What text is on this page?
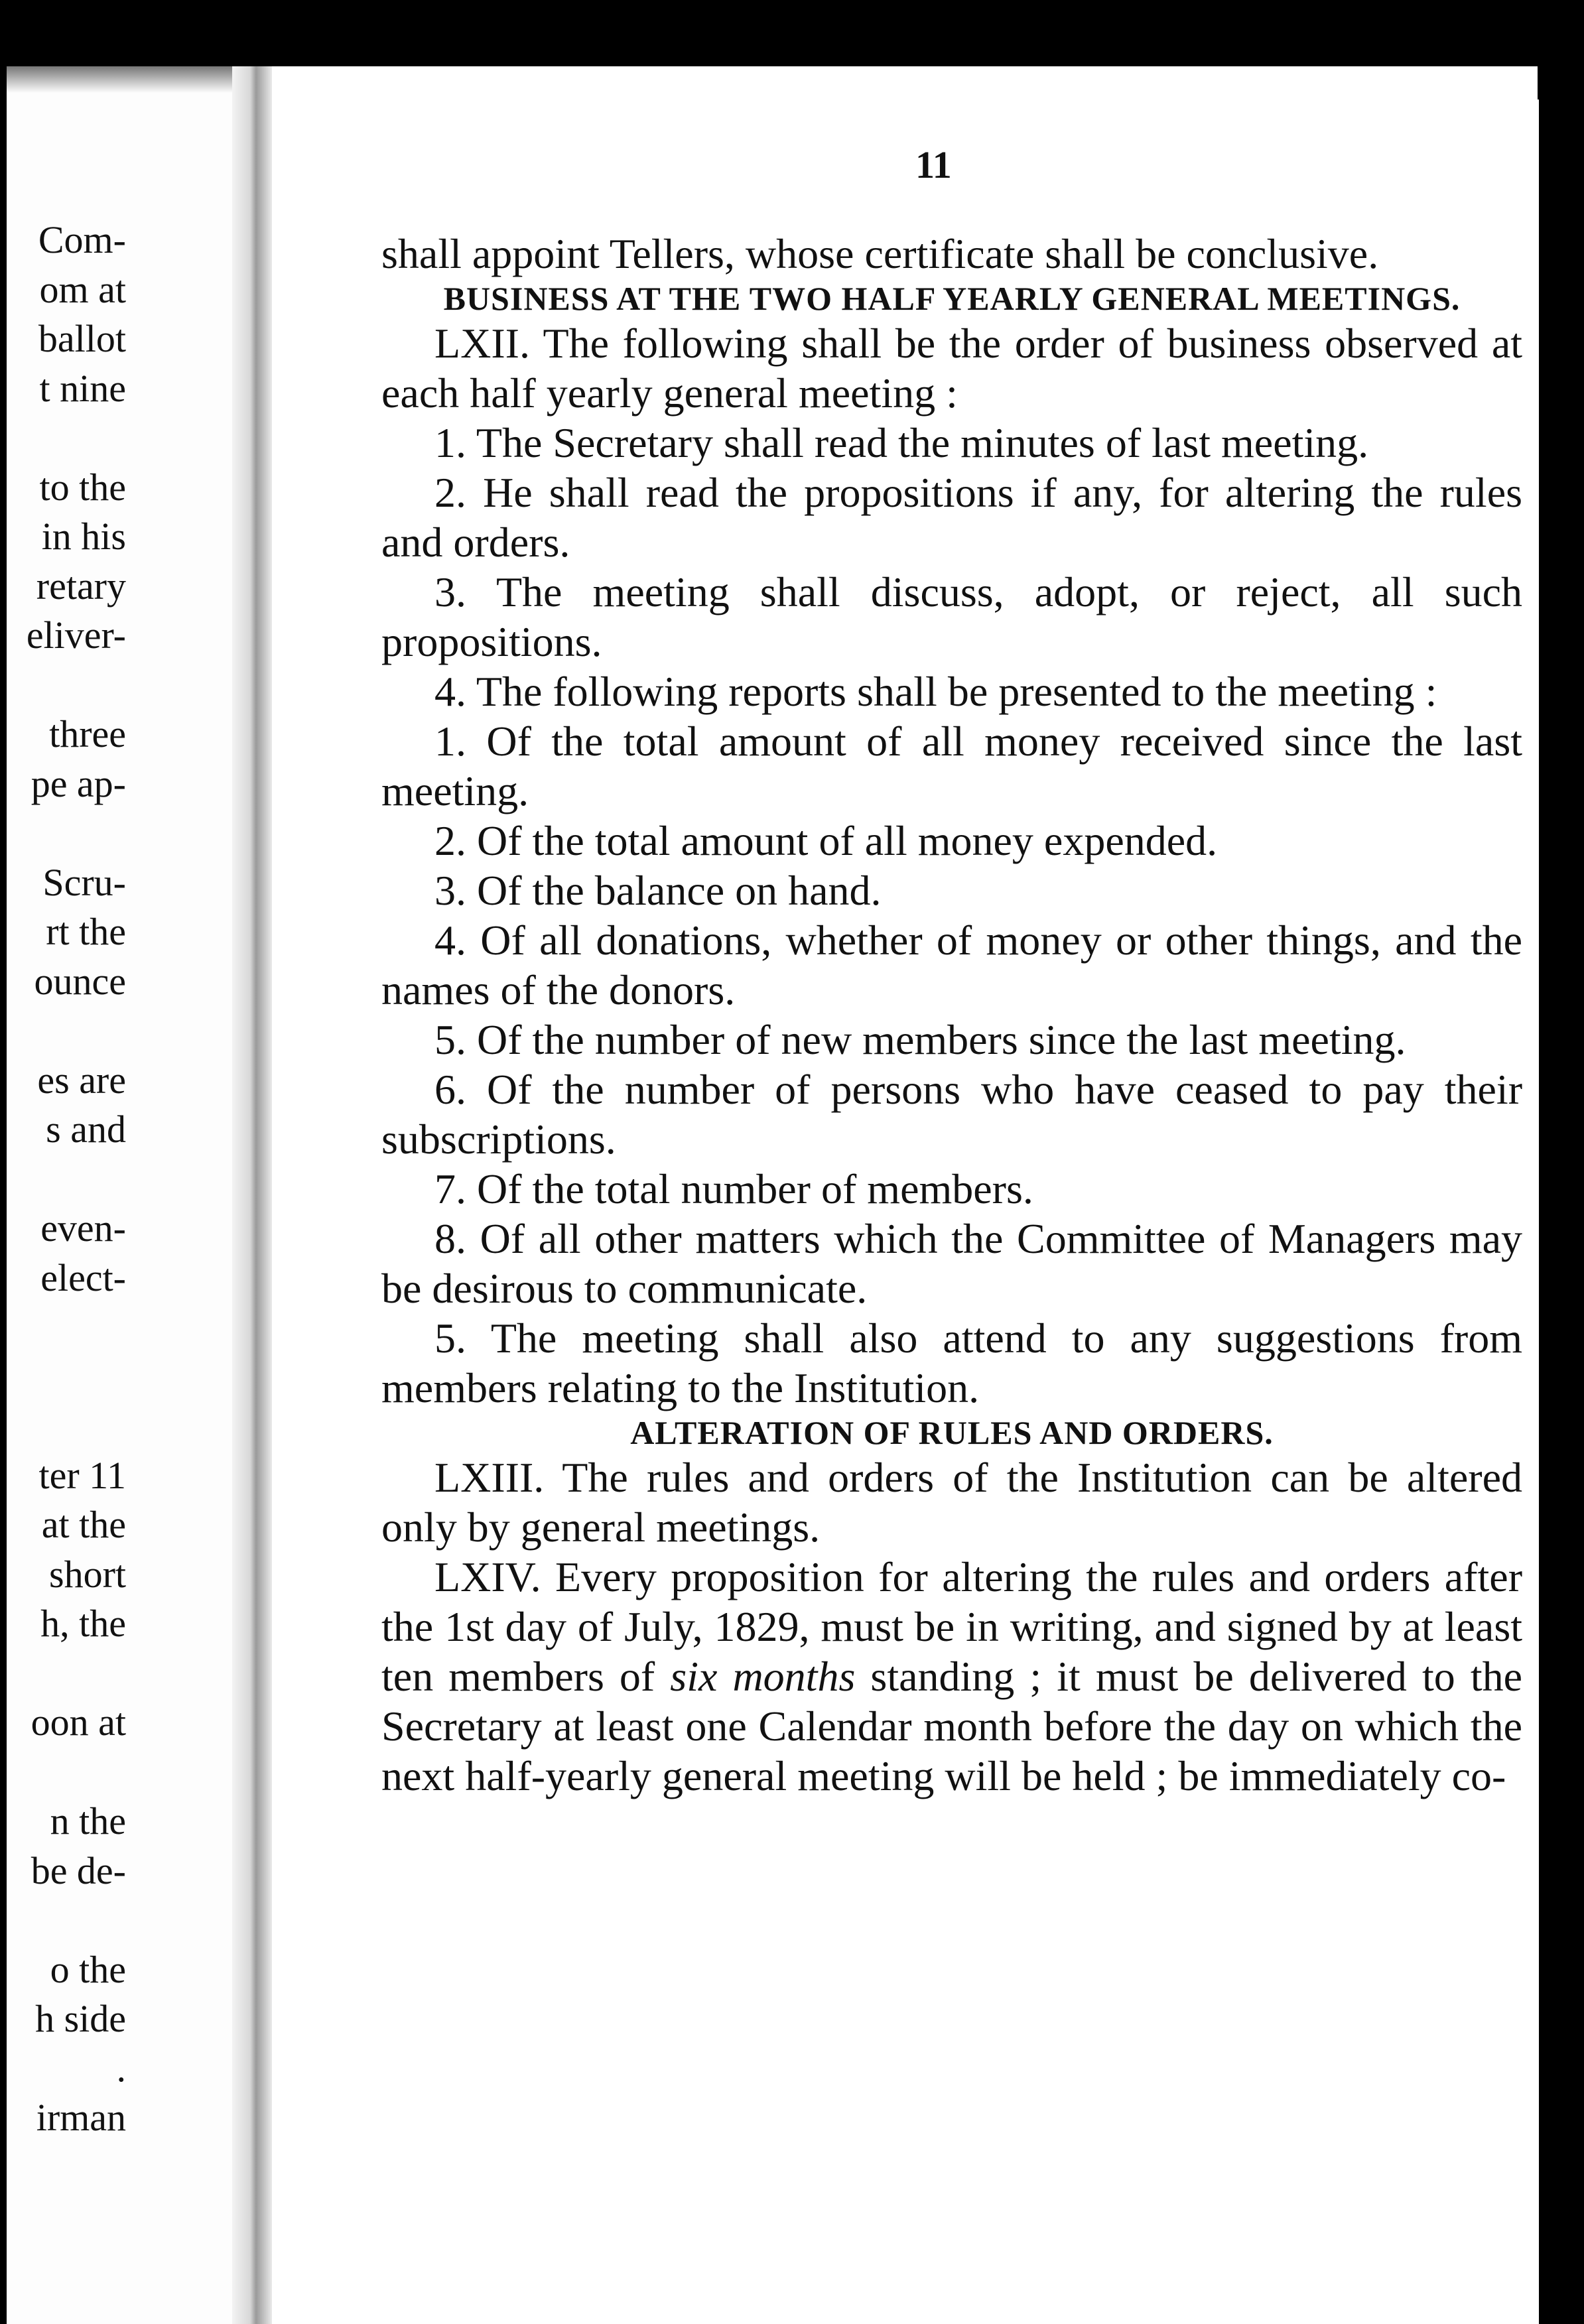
Com-
om at
ballot
t nine
to the
in his
retary
eliver-
three
pe ap-
Scru-
rt the
ounce
es are
s and
even-
elect-
ter 11
at the
short
h, the
oon at
n the
be de-
o the
h side
.
irman
11

shall appoint Tellers, whose certificate shall be conclusive.

BUSINESS AT THE TWO HALF YEARLY GENERAL MEETINGS.

LXII. The following shall be the order of business observed at each half yearly general meeting :

1. The Secretary shall read the minutes of last meeting.

2. He shall read the propositions if any, for altering the rules and orders.

3. The meeting shall discuss, adopt, or reject, all such propositions.

4. The following reports shall be presented to the meeting :

1. Of the total amount of all money received since the last meeting.

2. Of the total amount of all money expended.

3. Of the balance on hand.

4. Of all donations, whether of money or other things, and the names of the donors.

5. Of the number of new members since the last meeting.

6. Of the number of persons who have ceased to pay their subscriptions.

7. Of the total number of members.

8. Of all other matters which the Committee of Managers may be desirous to communicate.

5. The meeting shall also attend to any suggestions from members relating to the Institution.

ALTERATION OF RULES AND ORDERS.

LXIII. The rules and orders of the Institution can be altered only by general meetings.

LXIV. Every proposition for altering the rules and orders after the 1st day of July, 1829, must be in writing, and signed by at least ten members of six months standing ; it must be delivered to the Secretary at least one Calendar month before the day on which the next half-yearly general meeting will be held ; be immediately co-
